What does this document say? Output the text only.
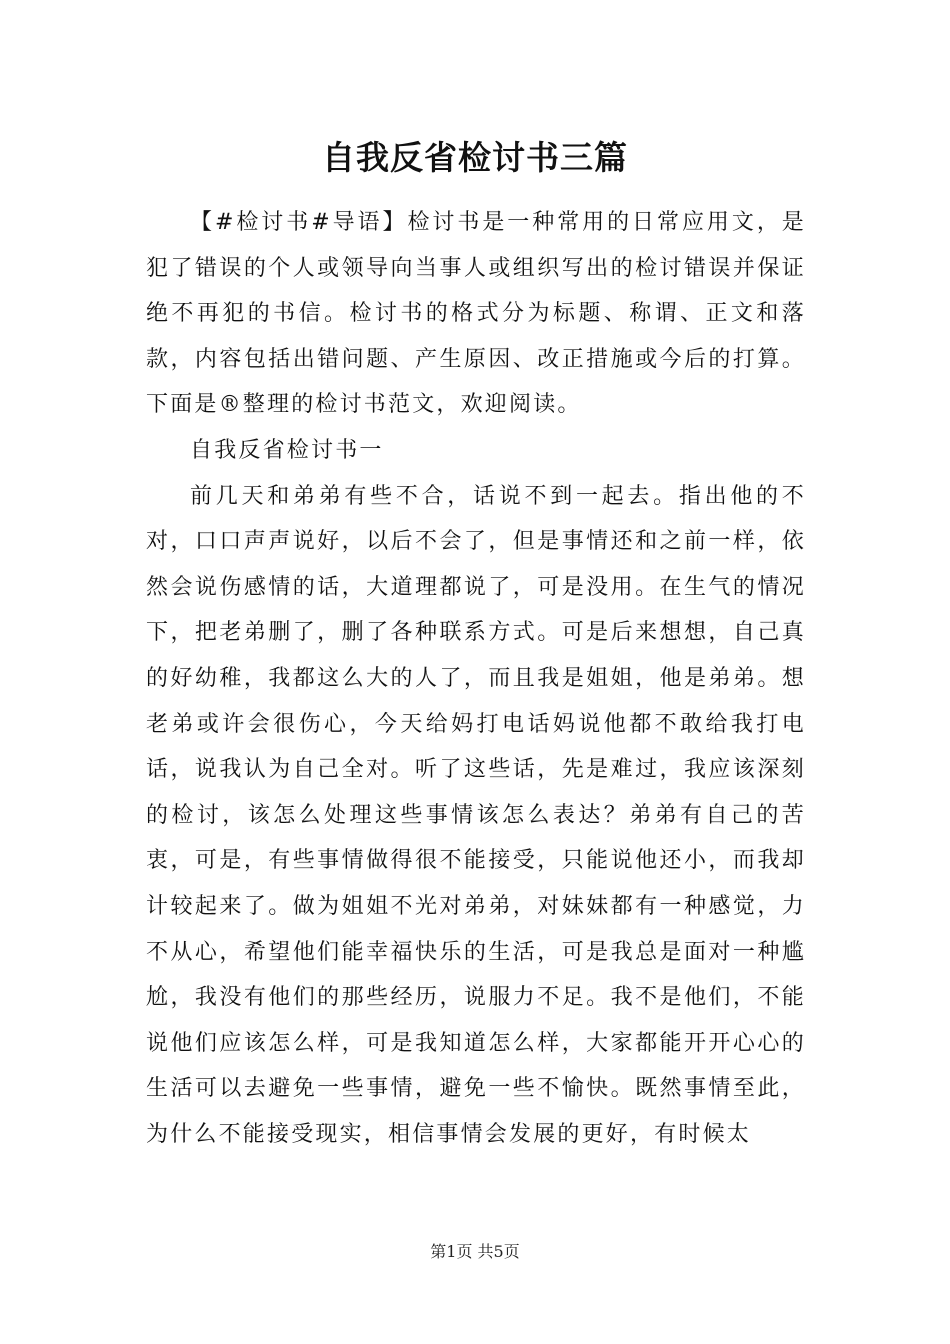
自我反省检讨书三篇

【#检讨书#导语】检讨书是一种常用的日常应用文，是犯了错误的个人或领导向当事人或组织写出的检讨错误并保证绝不再犯的书信。检讨书的格式分为标题、称谓、正文和落款，内容包括出错问题、产生原因、改正措施或今后的打算。下面是®整理的检讨书范文，欢迎阅读。

自我反省检讨书一

前几天和弟弟有些不合，话说不到一起去。指出他的不对，口口声声说好，以后不会了，但是事情还和之前一样，依然会说伤感情的话，大道理都说了，可是没用。在生气的情况下，把老弟删了，删了各种联系方式。可是后来想想，自己真的好幼稚，我都这么大的人了，而且我是姐姐，他是弟弟。想老弟或许会很伤心，今天给妈打电话妈说他都不敢给我打电话，说我认为自己全对。听了这些话，先是难过，我应该深刻的检讨，该怎么处理这些事情该怎么表达？弟弟有自己的苦衷，可是，有些事情做得很不能接受，只能说他还小，而我却计较起来了。做为姐姐不光对弟弟，对妹妹都有一种感觉，力不从心，希望他们能幸福快乐的生活，可是我总是面对一种尴尬，我没有他们的那些经历，说服力不足。我不是他们，不能说他们应该怎么样，可是我知道怎么样，大家都能开开心心的生活可以去避免一些事情，避免一些不愉快。既然事情至此，为什么不能接受现实，相信事情会发展的更好，有时候太

第1页 共5页
